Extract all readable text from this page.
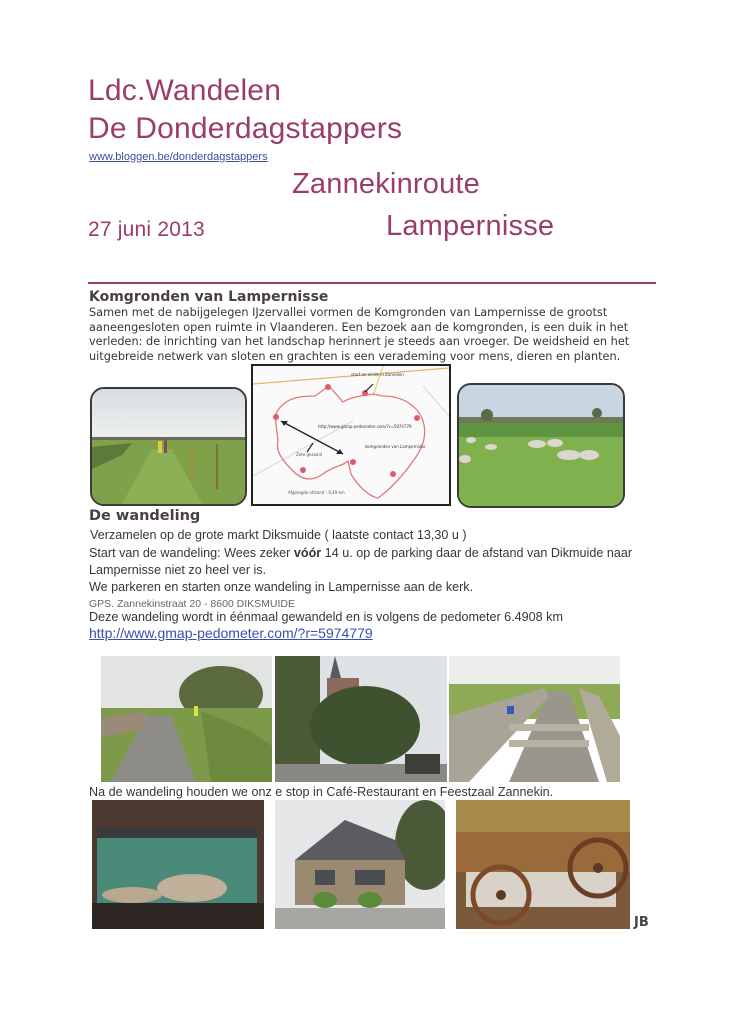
Ldc.Wandelen
De Donderdagstappers
www.bloggen.be/donderdagstappers
Zannekinroute
27 juni 2013	Lampernisse
Komgronden van Lampernisse
Samen met de nabijgelegen IJzervallei vormen de Komgronden van Lampernisse de grootst
aaneengesloten open ruimte in Vlaanderen. Een bezoek aan de komgronden, is een duik in het
verleden: de inrichting van het landschap herinnert je steeds aan vroeger. De weidsheid en het
uitgebreide netwerk van sloten en grachten is een verademing voor mens, dieren en planten.
start en einde in Zannekin
http://www.gmap-pedometer.com/?r=5974779
komgronden van Lampernisse
Zete gezaaid
Afgelegde afstand : 6,49 km
De wandeling
Verzamelen op de grote markt Diksmuide ( laatste contact 13,30 u )
Start van de wandeling: Wees zeker vóór 14 u. op de parking daar de afstand van Dikmuide naar
Lampernisse niet zo heel ver is.
We parkeren en starten onze wandeling in Lampernisse aan de kerk.
GPS. Zannekinstraat 20 - 8600 DIKSMUIDE
Deze wandeling wordt in éénmaal gewandeld en is volgens de pedometer 6.4908 km
http://www.gmap-pedometer.com/?r=5974779
Na de wandeling houden we onz e stop in Café-Restaurant en Feestzaal Zannekin.
JB
